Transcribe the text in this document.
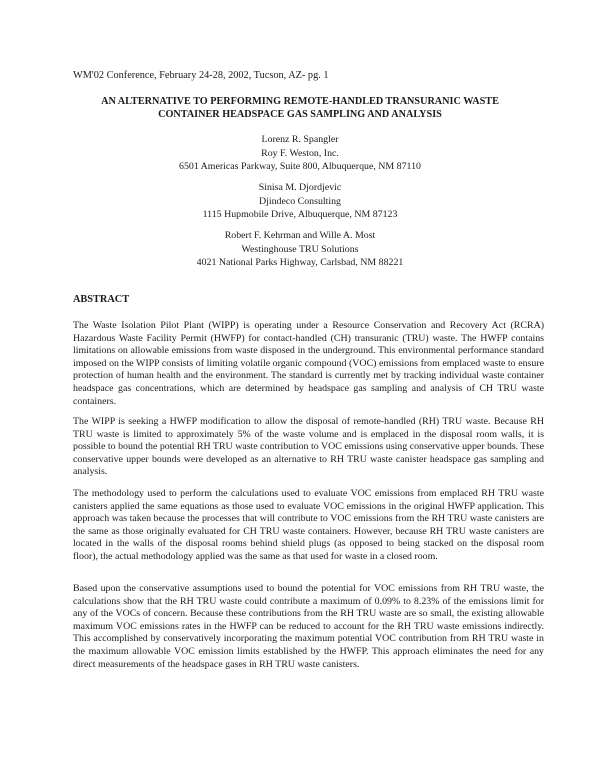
WM'02 Conference, February 24-28, 2002, Tucson, AZ- pg. 1
AN ALTERNATIVE TO PERFORMING REMOTE-HANDLED TRANSURANIC WASTE
CONTAINER HEADSPACE GAS SAMPLING AND ANALYSIS
Lorenz R. Spangler
Roy F. Weston, Inc.
6501 Americas Parkway, Suite 800, Albuquerque, NM 87110
Sinisa M. Djordjevic
Djindeco Consulting
1115 Hupmobile Drive, Albuquerque, NM 87123
Robert F. Kehrman and Wille A. Most
Westinghouse TRU Solutions
4021 National Parks Highway, Carlsbad, NM 88221
ABSTRACT
The Waste Isolation Pilot Plant (WIPP) is operating under a Resource Conservation and Recovery Act (RCRA) Hazardous Waste Facility Permit (HWFP) for contact-handled (CH) transuranic (TRU) waste. The HWFP contains limitations on allowable emissions from waste disposed in the underground. This environmental performance standard imposed on the WIPP consists of limiting volatile organic compound (VOC) emissions from emplaced waste to ensure protection of human health and the environment. The standard is currently met by tracking individual waste container headspace gas concentrations, which are determined by headspace gas sampling and analysis of CH TRU waste containers.
The WIPP is seeking a HWFP modification to allow the disposal of remote-handled (RH) TRU waste. Because RH TRU waste is limited to approximately 5% of the waste volume and is emplaced in the disposal room walls, it is possible to bound the potential RH TRU waste contribution to VOC emissions using conservative upper bounds. These conservative upper bounds were developed as an alternative to RH TRU waste canister headspace gas sampling and analysis.
The methodology used to perform the calculations used to evaluate VOC emissions from emplaced RH TRU waste canisters applied the same equations as those used to evaluate VOC emissions in the original HWFP application. This approach was taken because the processes that will contribute to VOC emissions from the RH TRU waste canisters are the same as those originally evaluated for CH TRU waste containers. However, because RH TRU waste canisters are located in the walls of the disposal rooms behind shield plugs (as opposed to being stacked on the disposal room floor), the actual methodology applied was the same as that used for waste in a closed room.
Based upon the conservative assumptions used to bound the potential for VOC emissions from RH TRU waste, the calculations show that the RH TRU waste could contribute a maximum of 0.09% to 8.23% of the emissions limit for any of the VOCs of concern. Because these contributions from the RH TRU waste are so small, the existing allowable maximum VOC emissions rates in the HWFP can be reduced to account for the RH TRU waste emissions indirectly. This accomplished by conservatively incorporating the maximum potential VOC contribution from RH TRU waste in the maximum allowable VOC emission limits established by the HWFP. This approach eliminates the need for any direct measurements of the headspace gases in RH TRU waste canisters.
